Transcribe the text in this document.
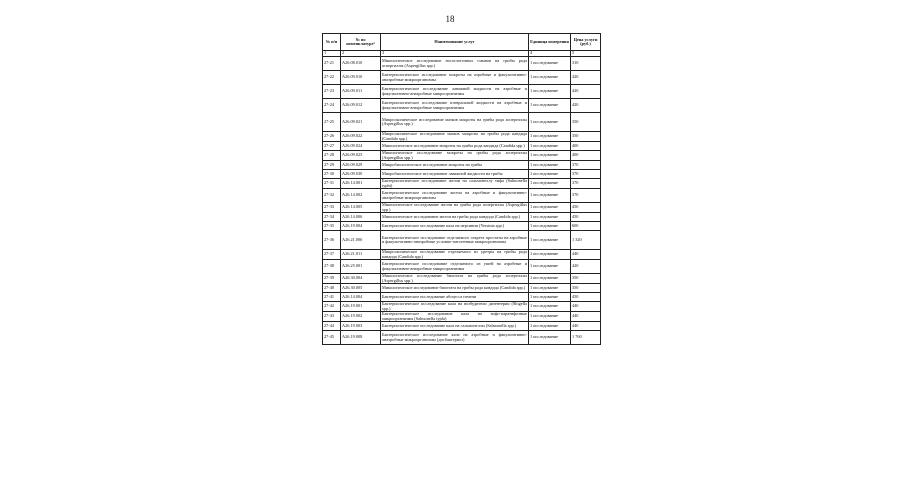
18
№ п/п	№ по номенклатуре¹	Наименование услуг	Единица измерения	Цена услуги (руб.)
1	2	3	4	5
27-21	A26.08.010	Микологическое исследование носоглоточных смывов на грибы рода аспергиллы (Aspergillus spp.)	1 исследование	310
27-22	A26.09.010	Бактериологическое исследование мокроты на аэробные и факультативно-анаэробные микроорганизмы	1 исследование	420
27-23	A26.09.011	Бактериологическое исследование лаважной жидкости на аэробные и факультативно-анаэробные микроорганизмы	1 исследование	420
27-24	A26.09.012	Бактериологическое исследование плевральной жидкости на аэробные и факультативно-анаэробные микроорганизмы	1 исследование	420
27-25	A26.09.021	Микроскопическое исследование мазков мокроты на грибы рода аспергиллы (Aspergillus spp.)	1 исследование	350
27-26	A26.09.022	Микроскопическое исследование мазков мокроты на грибы рода кандида (Candida spp.)	1 исследование	350
27-27	A26.09.024	Микологическое исследование мокроты на грибы рода кандида (Candida spp.)	1 исследование	400
27-28	A26.09.025	Микологическое исследование мокроты на грибы рода аспергиллы (Aspergillus spp.)	1 исследование	400
27-29	A26.09.029	Микробиологическое исследование мокроты на грибы	1 исследование	370
27-30	A26.09.030	Микробиологическое исследование лаважной жидкости на грибы	1 исследование	370
27-31	A26.14.001	Бактериологическое исследование желчи на сальмонеллу тифа (Salmonella typhi)	1 исследование	370
27-32	A26.14.002	Бактериологическое исследование желчи на аэробные и факультативно-анаэробные микроорганизмы	1 исследование	370
27-33	A26.14.005	Микологическое исследование желчи на грибы рода аспергиллы (Aspergillus spp.)	1 исследование	450
27-34	A26.14.006	Микологическое исследование желчи на грибы рода кандида (Candida spp.)	1 исследование	450
27-35	A26.19.004	Бактериологическое исследование кала на иерсинии (Yersinia spp.)	1 исследование	600
27-36	A26.21.006	Бактериологическое исследование отделяемого секрета простаты на аэробные и факультативно-анаэробные условно-патогенные микроорганизмы	1 исследование	1 320
27-37	A26.21.011	Микроскопическое исследование отделяемого из уретры на грибы рода кандида (Candida spp.)	1 исследование	440
27-38	A26.25.001	Бактериологическое исследование отделяемого из ушей на аэробные и факультативно-анаэробные микроорганизмы	1 исследование	420
27-39	A26.30.004	Микологическое исследование биоптата на грибы рода аспергиллы (Aspergillus spp.)	1 исследование	350
27-40	A26.30.005	Микологическое исследование биоптата на грибы рода кандида (Candida spp.)	1 исследование	350
27-41	A26.14.004	Бактериологическое исследование абсцесса печени	1 исследование	450
27-42	A26.19.001	Бактериологическое исследование кала на возбудители дизентерии (Shigella spp.)	1 исследование	440
27-43	A26.19.002	Бактериологическое исследование кала на тифо-паратифозные микроорганизмы (Salmonella typhi)	1 исследование	440
27-44	A26.19.003	Бактериологическое исследование кала на сальмонеллы (Salmonella spp.)	1 исследование	440
27-45	A26.19.008	Бактериологическое исследование кала на аэробные и факультативно-анаэробные микроорганизмы (дисбактериоз)	1 исследование	1 760
